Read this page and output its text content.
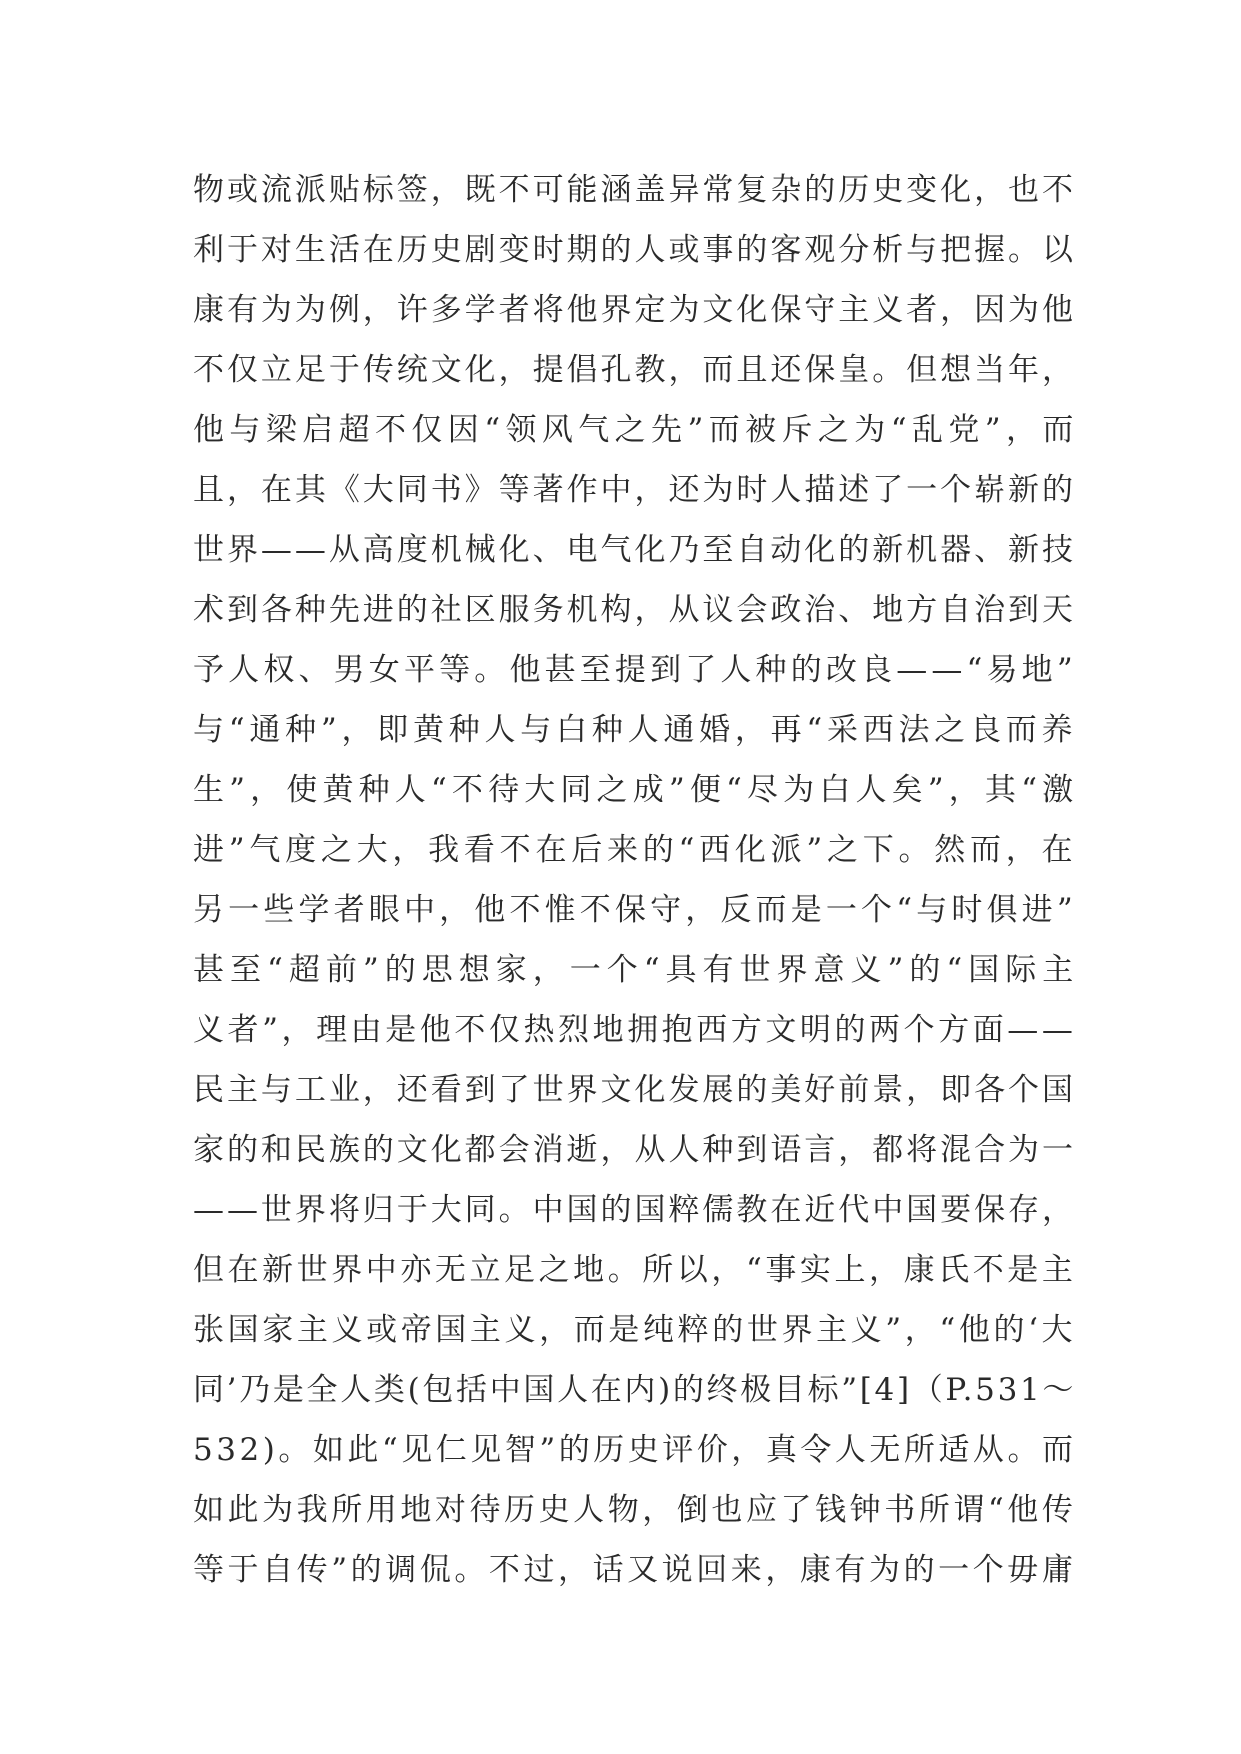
物或流派贴标签，既不可能涵盖异常复杂的历史变化，也不
利于对生活在历史剧变时期的人或事的客观分析与把握。以
康有为为例，许多学者将他界定为文化保守主义者，因为他
不仅立足于传统文化，提倡孔教，而且还保皇。但想当年，
他与梁启超不仅因“领风气之先”而被斥之为“乱党”，而
且，在其《大同书》等著作中，还为时人描述了一个崭新的
世界——从高度机械化、电气化乃至自动化的新机器、新技
术到各种先进的社区服务机构，从议会政治、地方自治到天
予人权、男女平等。他甚至提到了人种的改良——“易地”
与“通种”，即黄种人与白种人通婚，再“采西法之良而养
生”，使黄种人“不待大同之成”便“尽为白人矣”，其“激
进”气度之大，我看不在后来的“西化派”之下。然而，在
另一些学者眼中，他不惟不保守，反而是一个“与时俱进”
甚至“超前”的思想家，一个“具有世界意义”的“国际主
义者”，理由是他不仅热烈地拥抱西方文明的两个方面——
民主与工业，还看到了世界文化发展的美好前景，即各个国
家的和民族的文化都会消逝，从人种到语言，都将混合为一
——世界将归于大同。中国的国粹儒教在近代中国要保存，
但在新世界中亦无立足之地。所以，“事实上，康氏不是主
张国家主义或帝国主义，而是纯粹的世界主义”，“他的‘大
同’乃是全人类(包括中国人在内)的终极目标”[4]（P.531～
532)。如此“见仁见智”的历史评价，真令人无所适从。而
如此为我所用地对待历史人物，倒也应了钱钟书所谓“他传
等于自传”的调侃。不过，话又说回来，康有为的一个毋庸
